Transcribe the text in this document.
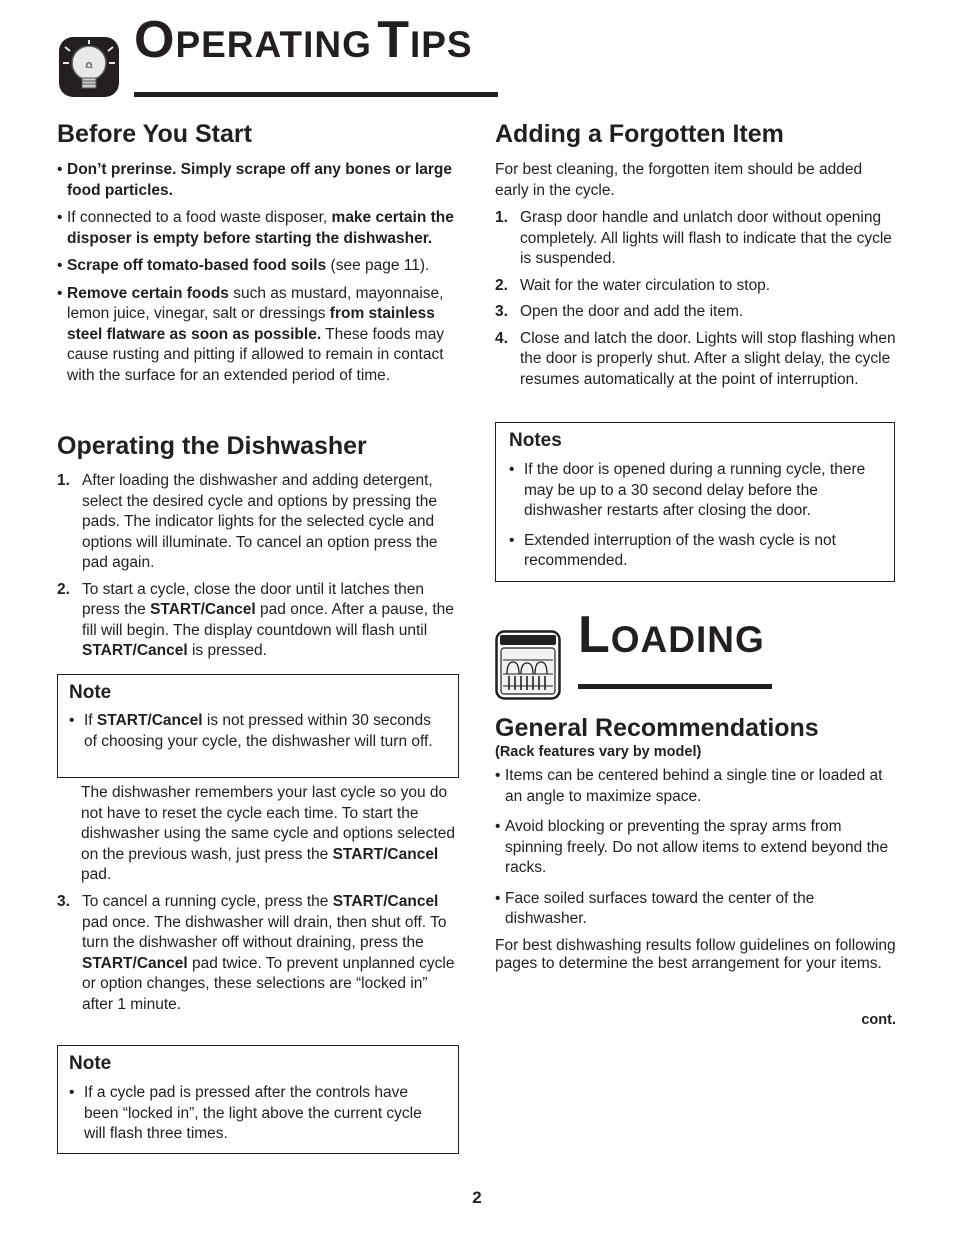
OPERATING TIPS
Before You Start
• Don’t prerinse. Simply scrape off any bones or large food particles.
• If connected to a food waste disposer, make certain the disposer is empty before starting the dishwasher.
• Scrape off tomato-based food soils (see page 11).
• Remove certain foods such as mustard, mayonnaise, lemon juice, vinegar, salt or dressings from stainless steel flatware as soon as possible. These foods may cause rusting and pitting if allowed to remain in contact with the surface for an extended period of time.
Operating the Dishwasher
1. After loading the dishwasher and adding detergent, select the desired cycle and options by pressing the pads. The indicator lights for the selected cycle and options will illuminate. To cancel an option press the pad again.
2. To start a cycle, close the door until it latches then press the START/Cancel pad once. After a pause, the fill will begin. The display countdown will flash until START/Cancel is pressed.
Note
• If START/Cancel is not pressed within 30 seconds of choosing your cycle, the dishwasher will turn off.

The dishwasher remembers your last cycle so you do not have to reset the cycle each time. To start the dishwasher using the same cycle and options selected on the previous wash, just press the START/Cancel pad.

3. To cancel a running cycle, press the START/Cancel pad once. The dishwasher will drain, then shut off. To turn the dishwasher off without draining, press the START/Cancel pad twice. To prevent unplanned cycle or option changes, these selections are “locked in” after 1 minute.
Note
• If a cycle pad is pressed after the controls have been “locked in”, the light above the current cycle will flash three times.
Adding a Forgotten Item

For best cleaning, the forgotten item should be added early in the cycle.

1. Grasp door handle and unlatch door without opening completely. All lights will flash to indicate that the cycle is suspended.
2. Wait for the water circulation to stop.
3. Open the door and add the item.
4. Close and latch the door. Lights will stop flashing when the door is properly shut. After a slight delay, the cycle resumes automatically at the point of interruption.
Notes
• If the door is opened during a running cycle, there may be up to a 30 second delay before the dishwasher restarts after closing the door.
• Extended interruption of the wash cycle is not recommended.
LOADING
General Recommendations
(Rack features vary by model)
• Items can be centered behind a single tine or loaded at an angle to maximize space.
• Avoid blocking or preventing the spray arms from spinning freely. Do not allow items to extend beyond the racks.
• Face soiled surfaces toward the center of the dishwasher.

For best dishwashing results follow guidelines on following pages to determine the best arrangement for your items.

cont.
2
